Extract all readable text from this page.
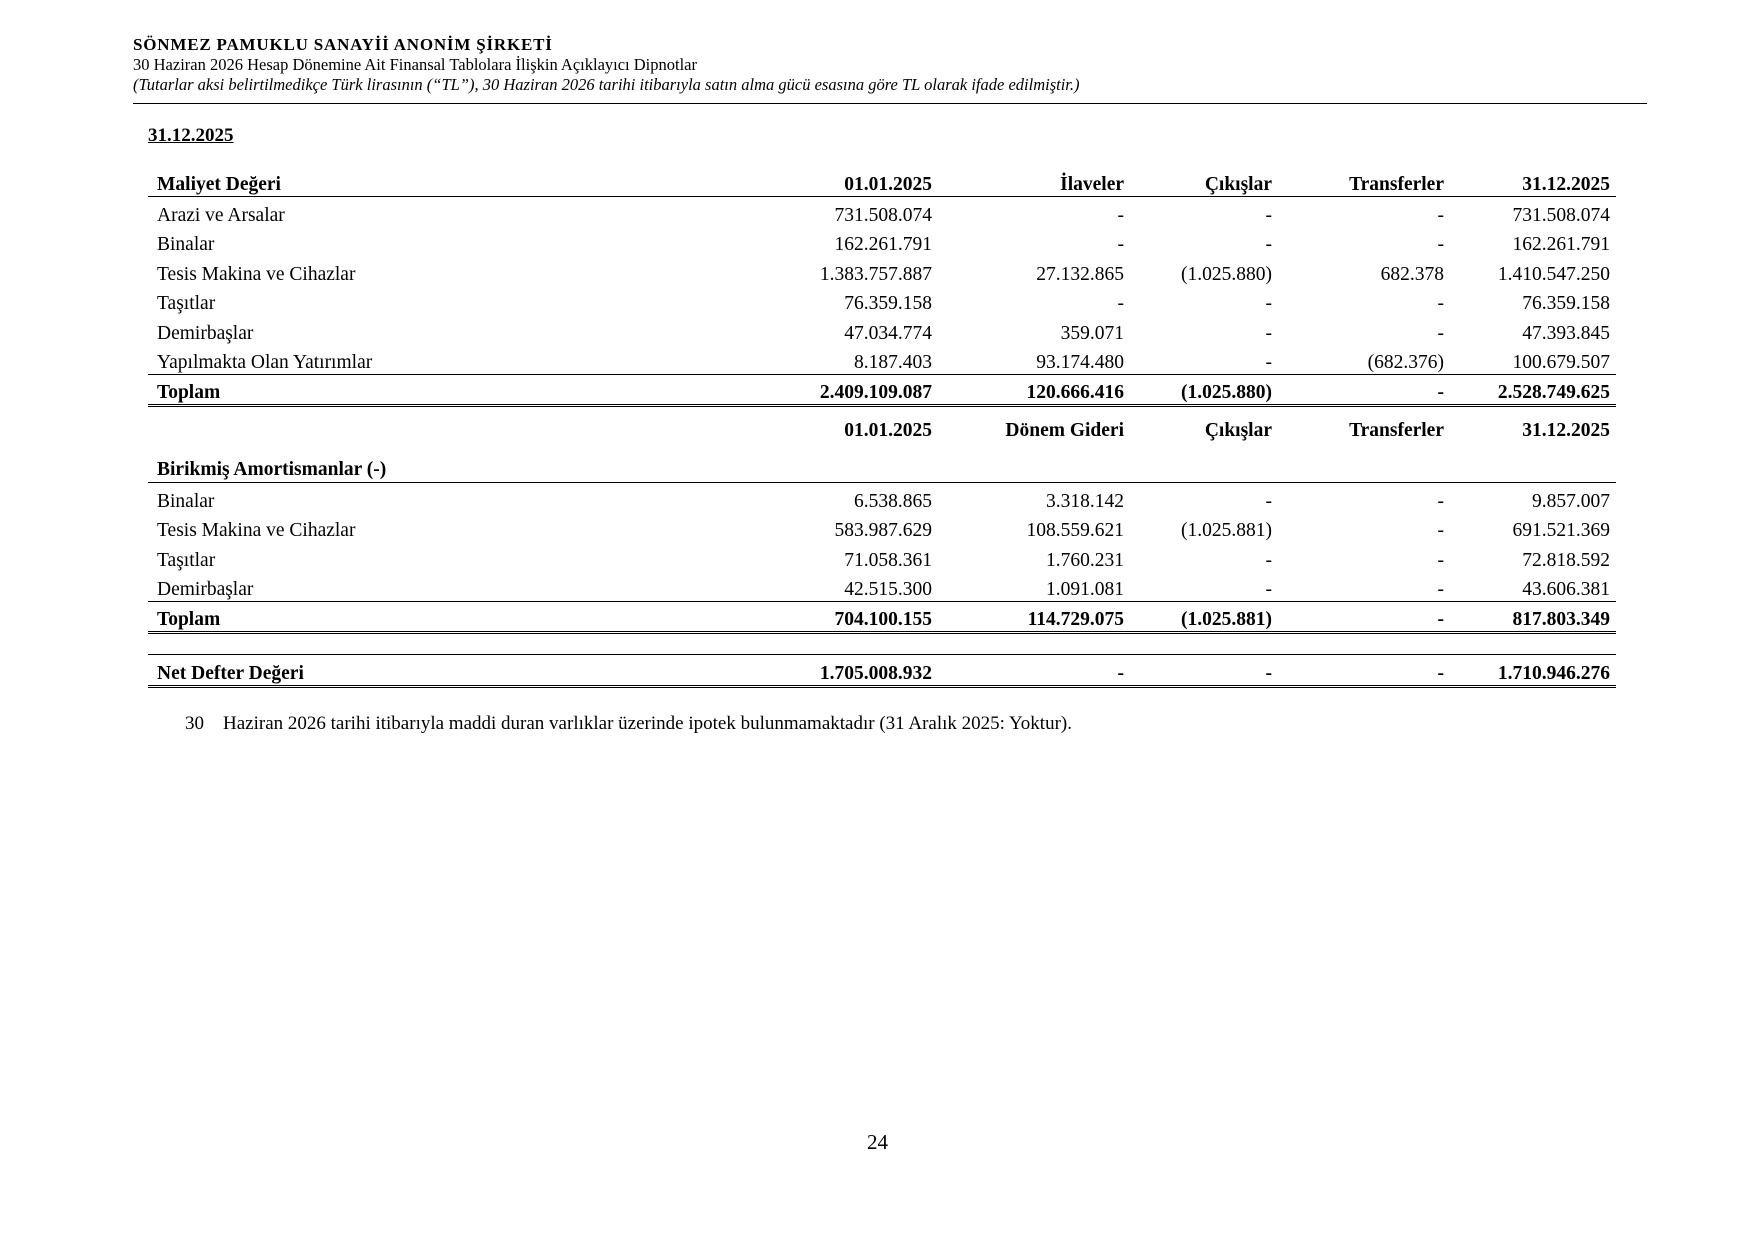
SÖNMEZ PAMUKLU SANAYİİ ANONİM ŞİRKETİ
30 Haziran 2026 Hesap Dönemine Ait Finansal Tablolara İlişkin Açıklayıcı Dipnotlar
(Tutarlar aksi belirtilmedikçe Türk lirasının (“TL”), 30 Haziran 2026 tarihi itibarıyla satın alma gücü esasına göre TL olarak ifade edilmiştir.)
31.12.2025
Maliyet Değeri	01.01.2025	İlaveler	Çıkışlar	Transferler	31.12.2025
Arazi ve Arsalar	731.508.074	-	-	-	731.508.074
Binalar	162.261.791	-	-	-	162.261.791
Tesis Makina ve Cihazlar	1.383.757.887	27.132.865	(1.025.880)	682.378	1.410.547.250
Taşıtlar	76.359.158	-	-	-	76.359.158
Demirbaşlar	47.034.774	359.071	-	-	47.393.845
Yapılmakta Olan Yatırımlar	8.187.403	93.174.480	-	(682.376)	100.679.507
Toplam	2.409.109.087	120.666.416	(1.025.880)	-	2.528.749.625
Birikmiş Amortismanlar (-)	01.01.2025	Dönem Gideri	Çıkışlar	Transferler	31.12.2025
Binalar	6.538.865	3.318.142	-	-	9.857.007
Tesis Makina ve Cihazlar	583.987.629	108.559.621	(1.025.881)	-	691.521.369
Taşıtlar	71.058.361	1.760.231	-	-	72.818.592
Demirbaşlar	42.515.300	1.091.081	-	-	43.606.381
Toplam	704.100.155	114.729.075	(1.025.881)	-	817.803.349
Net Defter Değeri	1.705.008.932	-	-	-	1.710.946.276
30 Haziran 2026 tarihi itibarıyla maddi duran varlıklar üzerinde ipotek bulunmamaktadır (31 Aralık 2025: Yoktur).
24
